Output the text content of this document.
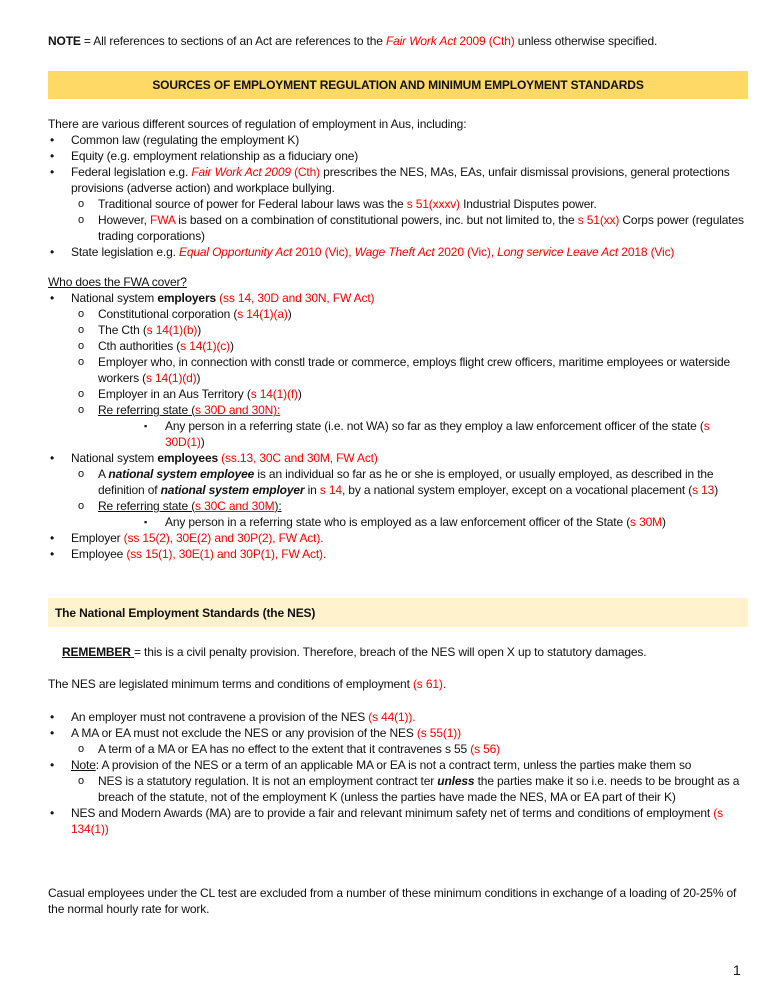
NOTE = All references to sections of an Act are references to the Fair Work Act 2009 (Cth) unless otherwise specified.
SOURCES OF EMPLOYMENT REGULATION AND MINIMUM EMPLOYMENT STANDARDS
There are various different sources of regulation of employment in Aus, including:
• Common law (regulating the employment K)
• Equity (e.g. employment relationship as a fiduciary one)
• Federal legislation e.g. Fair Work Act 2009 (Cth) prescribes the NES, MAs, EAs, unfair dismissal provisions, general protections provisions (adverse action) and workplace bullying.
o Traditional source of power for Federal labour laws was the s 51(xxxv) Industrial Disputes power.
o However, FWA is based on a combination of constitutional powers, inc. but not limited to, the s 51(xx) Corps power (regulates trading corporations)
• State legislation e.g. Equal Opportunity Act 2010 (Vic), Wage Theft Act 2020 (Vic), Long service Leave Act 2018 (Vic)
Who does the FWA cover?
• National system employers (ss 14, 30D and 30N, FW Act)
o Constitutional corporation (s 14(1)(a))
o The Cth (s 14(1)(b))
o Cth authorities (s 14(1)(c))
o Employer who, in connection with constl trade or commerce, employs flight crew officers, maritime employees or waterside workers (s 14(1)(d))
o Employer in an Aus Territory (s 14(1)(f))
o Re referring state (s 30D and 30N):
▪ Any person in a referring state (i.e. not WA) so far as they employ a law enforcement officer of the state (s 30D(1))
• National system employees (ss.13, 30C and 30M, FW Act)
o A national system employee is an individual so far as he or she is employed, or usually employed, as described in the definition of national system employer in s 14, by a national system employer, except on a vocational placement (s 13)
o Re referring state (s 30C and 30M):
▪ Any person in a referring state who is employed as a law enforcement officer of the State (s 30M)
• Employer (ss 15(2), 30E(2) and 30P(2), FW Act).
• Employee (ss 15(1), 30E(1) and 30P(1), FW Act).
The National Employment Standards (the NES)
REMEMBER = this is a civil penalty provision. Therefore, breach of the NES will open X up to statutory damages.
The NES are legislated minimum terms and conditions of employment (s 61).
• An employer must not contravene a provision of the NES (s 44(1)).
• A MA or EA must not exclude the NES or any provision of the NES (s 55(1))
o A term of a MA or EA has no effect to the extent that it contravenes s 55 (s 56)
• Note: A provision of the NES or a term of an applicable MA or EA is not a contract term, unless the parties make them so
o NES is a statutory regulation. It is not an employment contract ter unless the parties make it so i.e. needs to be brought as a breach of the statute, not of the employment K (unless the parties have made the NES, MA or EA part of their K)
• NES and Modern Awards (MA) are to provide a fair and relevant minimum safety net of terms and conditions of employment (s 134(1))
Casual employees under the CL test are excluded from a number of these minimum conditions in exchange of a loading of 20-25% of the normal hourly rate for work.
1
